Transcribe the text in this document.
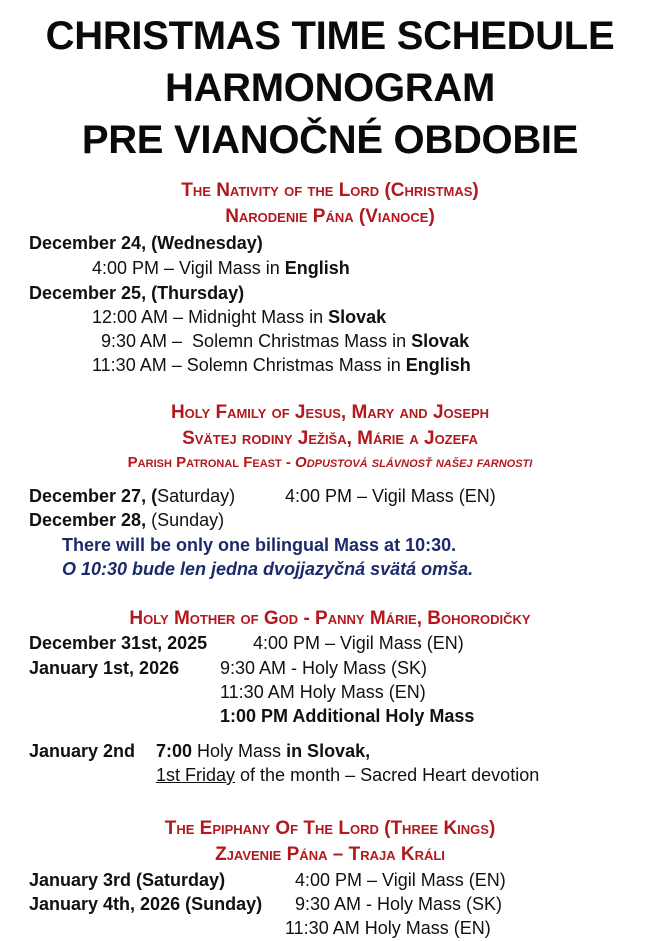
CHRISTMAS TIME SCHEDULE
HARMONOGRAM
PRE VIANOČNÉ OBDOBIE
The Nativity of the Lord (Christmas)
Narodenie Pána (Vianoce)
December 24, (Wednesday)
4:00 PM – Vigil Mass in English
December 25, (Thursday)
12:00 AM – Midnight Mass in Slovak
9:30 AM –  Solemn Christmas Mass in Slovak
11:30 AM – Solemn Christmas Mass in English
Holy Family of Jesus, Mary and Joseph
Svätej rodiny Ježiša, Márie a Jozefa
Parish Patronal Feast - Odpustová slávnosť našej farnosti
December 27, (Saturday)	4:00 PM – Vigil Mass (EN)
December 28, (Sunday)
There will be only one bilingual Mass at 10:30.
O 10:30 bude len jedna dvojjazyčná svätá omša.
Holy Mother of God - Panny Márie, Bohorodičky
December 31st, 2025	4:00 PM – Vigil Mass (EN)
January 1st, 2026 9:30 AM - Holy Mass (SK)
11:30 AM Holy Mass (EN)
1:00 PM Additional Holy Mass
January 2nd 7:00 Holy Mass in Slovak,
1st Friday of the month – Sacred Heart devotion
The Epiphany Of The Lord (Three Kings)
Zjavenie Pána – Traja Králi
January 3rd (Saturday)	4:00 PM – Vigil Mass (EN)
January 4th, 2026 (Sunday) 9:30 AM - Holy Mass (SK)
11:30 AM Holy Mass (EN)
